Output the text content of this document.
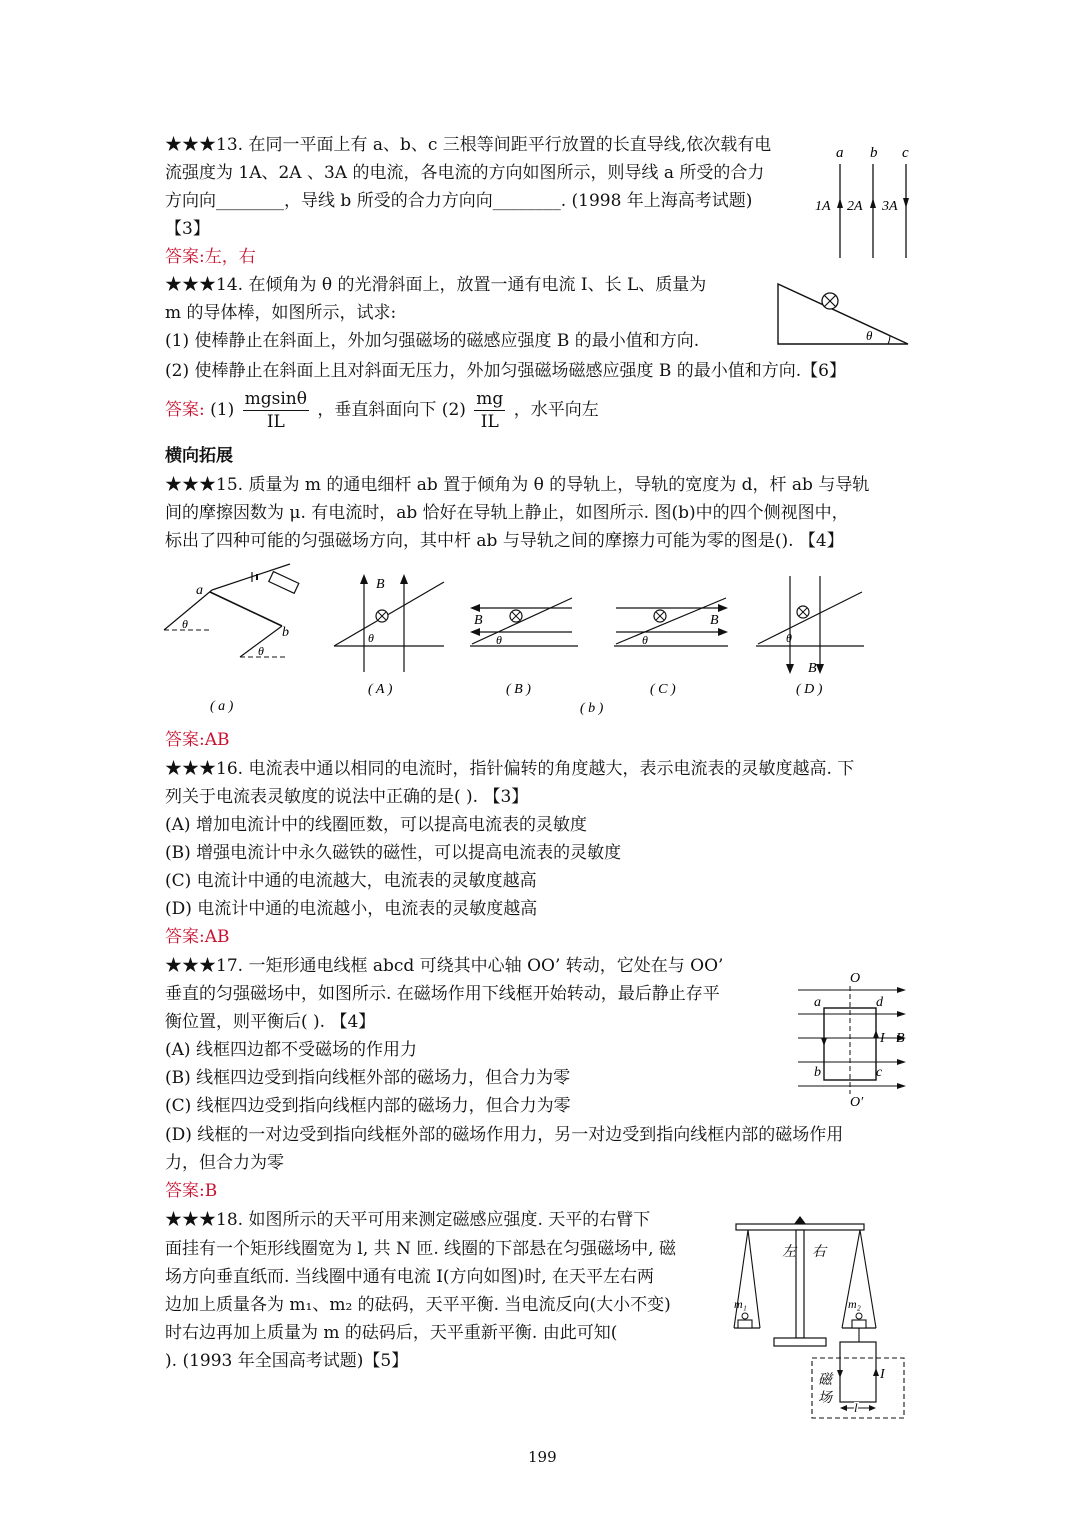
★★★13. 在同一平面上有 a、b、c 三根等间距平行放置的长直导线,依次载有电
流强度为 1A、2A 、3A 的电流，各电流的方向如图所示，则导线 a 所受的合力
方向向________，导线 b 所受的合力方向向________. (1998 年上海高考试题)
【3】
答案:左，右
a b c
1A 2A 3A
★★★14. 在倾角为 θ 的光滑斜面上，放置一通有电流 I、长 L、质量为
m 的导体棒，如图所示，试求:
(1) 使棒静止在斜面上，外加匀强磁场的磁感应强度 B 的最小值和方向.
(2) 使棒静止在斜面上且对斜面无压力，外加匀强磁场磁感应强度 B 的最小值和方向.【6】
答案: $(1) \frac{mgsin\theta}{IL}$ ，垂直斜面向下 $(2) \frac{mg}{IL}$ ，水平向左
θ
横向拓展
★★★15. 质量为 m 的通电细杆 ab 置于倾角为 θ 的导轨上，导轨的宽度为 d，杆 ab 与导轨
间的摩擦因数为 μ. 有电流时，ab 恰好在导轨上静止，如图所示. 图(b)中的四个侧视图中，
标出了四种可能的匀强磁场方向，其中杆 ab 与导轨之间的摩擦力可能为零的图是(). 【4】
a
b
θ
θ
( a )
B
θ
( A )
B
θ
( B )
B
θ
( C )
B
θ
( D )
( b )
答案:AB
★★★16. 电流表中通以相同的电流时，指针偏转的角度越大，表示电流表的灵敏度越高. 下
列关于电流表灵敏度的说法中正确的是( ). 【3】
(A) 增加电流计中的线圈匝数，可以提高电流表的灵敏度
(B) 增强电流计中永久磁铁的磁性，可以提高电流表的灵敏度
(C) 电流计中通的电流越大，电流表的灵敏度越高
(D) 电流计中通的电流越小，电流表的灵敏度越高
答案:AB
★★★17. 一矩形通电线框 abcd 可绕其中心轴 OO’ 转动，它处在与 OO’
垂直的匀强磁场中，如图所示. 在磁场作用下线框开始转动，最后静止存平
衡位置，则平衡后( ). 【4】
(A) 线框四边都不受磁场的作用力
(B) 线框四边受到指向线框外部的磁场力，但合力为零
(C) 线框四边受到指向线框内部的磁场力，但合力为零
(D) 线框的一对边受到指向线框外部的磁场作用力，另一对边受到指向线框内部的磁场作用
力，但合力为零
答案:B
O
O′
a	d
b	c
I B
★★★18. 如图所示的天平可用来测定磁感应强度. 天平的右臂下
面挂有一个矩形线圈宽为 l, 共 N 匝. 线圈的下部悬在匀强磁场中, 磁
场方向垂直纸而. 当线圈中通有电流 I(方向如图)时, 在天平左右两
边加上质量各为 m₁、m₂ 的砝码，天平平衡. 当电流反向(大小不变)
时右边再加上质量为 m 的砝码后，天平重新平衡. 由此可知(
). (1993 年全国高考试题)【5】
左 右
m₁	m₂
I
磁
场
l
199
